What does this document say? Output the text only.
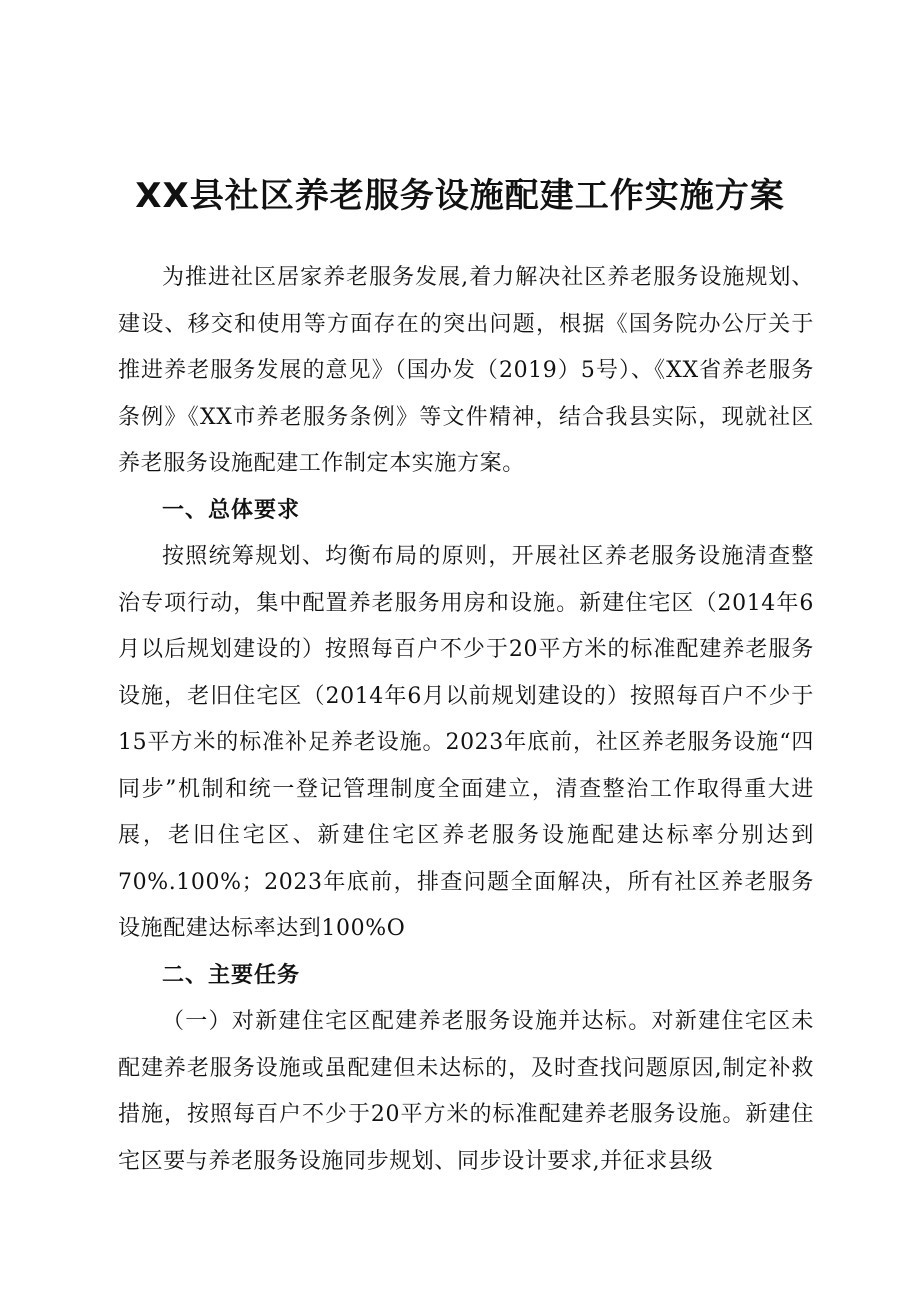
XX县社区养老服务设施配建工作实施方案

为推进社区居家养老服务发展,着力解决社区养老服务设施规划、建设、移交和使用等方面存在的突出问题，根据《国务院办公厅关于推进养老服务发展的意见》（国办发（2019）5号）、《XX省养老服务条例》《XX市养老服务条例》等文件精神，结合我县实际，现就社区养老服务设施配建工作制定本实施方案。

一、总体要求

按照统筹规划、均衡布局的原则，开展社区养老服务设施清查整治专项行动，集中配置养老服务用房和设施。新建住宅区（2014年6月以后规划建设的）按照每百户不少于20平方米的标准配建养老服务设施，老旧住宅区（2014年6月以前规划建设的）按照每百户不少于15平方米的标准补足养老设施。2023年底前，社区养老服务设施“四同步”机制和统一登记管理制度全面建立，清查整治工作取得重大进展，老旧住宅区、新建住宅区养老服务设施配建达标率分别达到70%.100%；2023年底前，排查问题全面解决，所有社区养老服务设施配建达标率达到100%O

二、主要任务

（一）对新建住宅区配建养老服务设施并达标。对新建住宅区未配建养老服务设施或虽配建但未达标的，及时查找问题原因,制定补救措施，按照每百户不少于20平方米的标准配建养老服务设施。新建住宅区要与养老服务设施同步规划、同步设计要求,并征求县级
